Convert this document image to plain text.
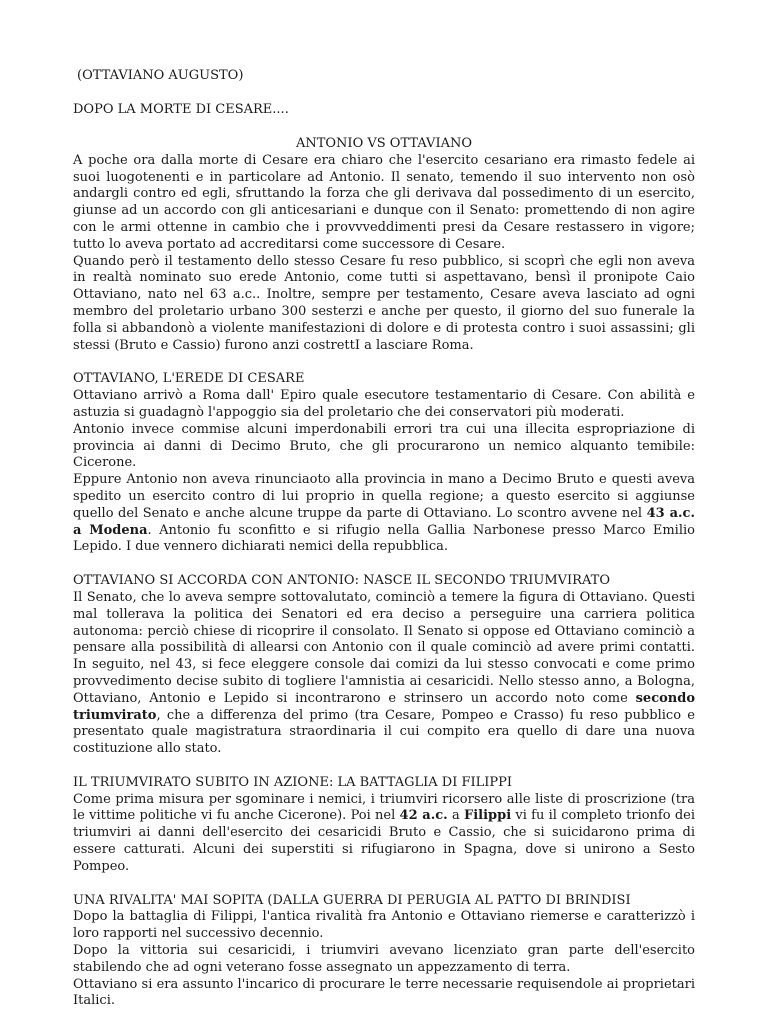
(OTTAVIANO AUGUSTO)

DOPO LA MORTE DI CESARE....

ANTONIO VS OTTAVIANO

A poche ora dalla morte di Cesare era chiaro che l'esercito cesariano era rimasto fedele ai suoi luogotenenti e in particolare ad Antonio. Il senato, temendo il suo intervento non osò andargli contro ed egli, sfruttando la forza che gli derivava dal possedimento di un esercito, giunse ad un accordo con gli anticesariani e dunque con il Senato: promettendo di non agire con le armi ottenne in cambio che i provvveddimenti presi da Cesare restassero in vigore; tutto lo aveva portato ad accreditarsi come successore di Cesare.

Quando però il testamento dello stesso Cesare fu reso pubblico, si scoprì che egli non aveva in realtà nominato suo erede Antonio, come tutti si aspettavano, bensì il pronipote Caio Ottaviano, nato nel 63 a.c.. Inoltre, sempre per testamento, Cesare aveva lasciato ad ogni membro del proletario urbano 300 sesterzi e anche per questo, il giorno del suo funerale la folla si abbandonò a violente manifestazioni di dolore e di protesta contro i suoi assassini; gli stessi (Bruto e Cassio) furono anzi costrettI a lasciare Roma.

OTTAVIANO, L'EREDE DI CESARE

Ottaviano arrivò a Roma dall' Epiro quale esecutore testamentario di Cesare. Con abilità e astuzia si guadagnò l'appoggio sia del proletario che dei conservatori più moderati.

Antonio invece commise alcuni imperdonabili errori tra cui una illecita espropriazione di provincia ai danni di Decimo Bruto, che gli procurarono un nemico alquanto temibile: Cicerone.

Eppure Antonio non aveva rinunciaoto alla provincia in mano a Decimo Bruto e questi aveva spedito un esercito contro di lui proprio in quella regione; a questo esercito si aggiunse quello del Senato e anche alcune truppe da parte di Ottaviano. Lo scontro avvene nel 43 a.c. a Modena. Antonio fu sconfitto e si rifugio nella Gallia Narbonese presso Marco Emilio Lepido. I due vennero dichiarati nemici della repubblica.

OTTAVIANO SI ACCORDA CON ANTONIO: NASCE IL SECONDO TRIUMVIRATO

Il Senato, che lo aveva sempre sottovalutato, cominciò a temere la figura di Ottaviano. Questi mal tollerava la politica dei Senatori ed era deciso a perseguire una carriera politica autonoma: perciò chiese di ricoprire il consolato. Il Senato si oppose ed Ottaviano cominciò a pensare alla possibilità di allearsi con Antonio con il quale cominciò ad avere primi contatti. In seguito, nel 43, si fece eleggere console dai comizi da lui stesso convocati e come primo provvedimento decise subito di togliere l'amnistia ai cesaricidi. Nello stesso anno, a Bologna, Ottaviano, Antonio e Lepido si incontrarono e strinsero un accordo noto come secondo triumvirato, che a differenza del primo (tra Cesare, Pompeo e Crasso) fu reso pubblico e presentato quale magistratura straordinaria il cui compito era quello di dare una nuova costituzione allo stato.

IL TRIUMVIRATO SUBITO IN AZIONE: LA BATTAGLIA DI FILIPPI

Come prima misura per sgominare i nemici, i triumviri ricorsero alle liste di proscrizione (tra le vittime politiche vi fu anche Cicerone). Poi nel 42 a.c. a Filippi vi fu il completo trionfo dei triumviri ai danni dell'esercito dei cesaricidi Bruto e Cassio, che si suicidarono prima di essere catturati. Alcuni dei superstiti si rifugiarono in Spagna, dove si unirono a Sesto Pompeo.

UNA RIVALITA' MAI SOPITA (DALLA GUERRA DI PERUGIA AL PATTO DI BRINDISI

Dopo la battaglia di Filippi, l'antica rivalità fra Antonio e Ottaviano riemerse e caratterizzò i loro rapporti nel successivo decennio.

Dopo la vittoria sui cesaricidi, i triumviri avevano licenziato gran parte dell'esercito stabilendo che ad ogni veterano fosse assegnato un appezzamento di terra.

Ottaviano si era assunto l'incarico di procurare le terre necessarie requisendole ai proprietari Italici.
